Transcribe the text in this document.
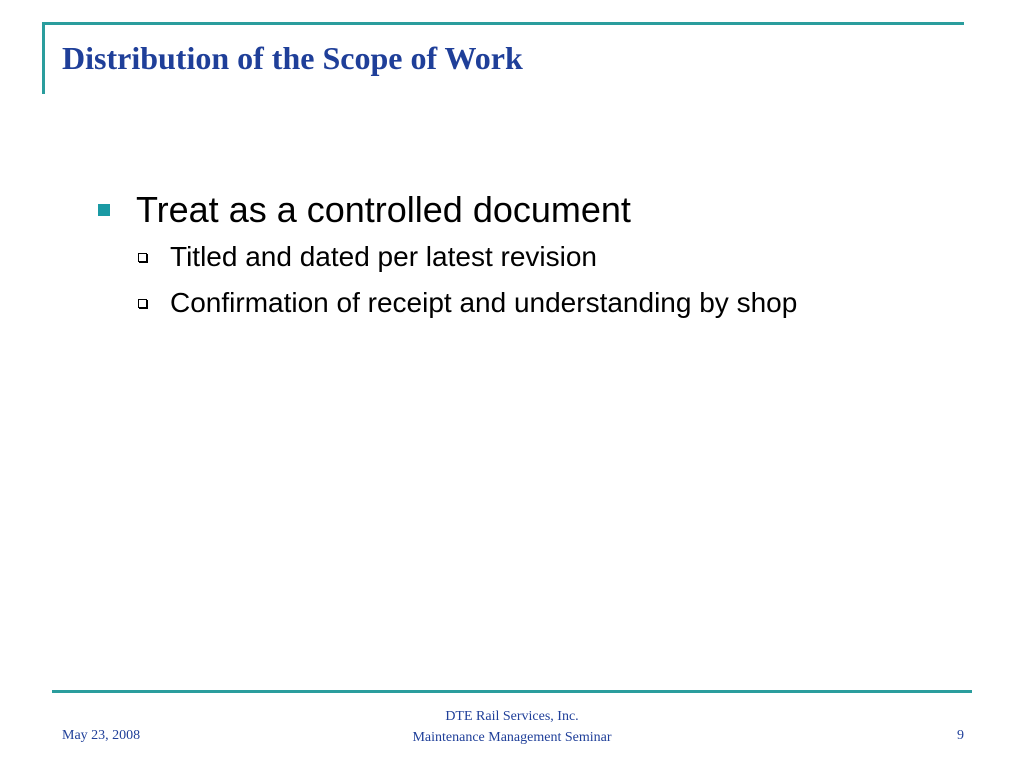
Distribution of the Scope of Work
Treat as a controlled document
Titled and dated per latest revision
Confirmation of receipt and understanding by shop
May 23, 2008
DTE Rail Services, Inc.
Maintenance Management Seminar	9
